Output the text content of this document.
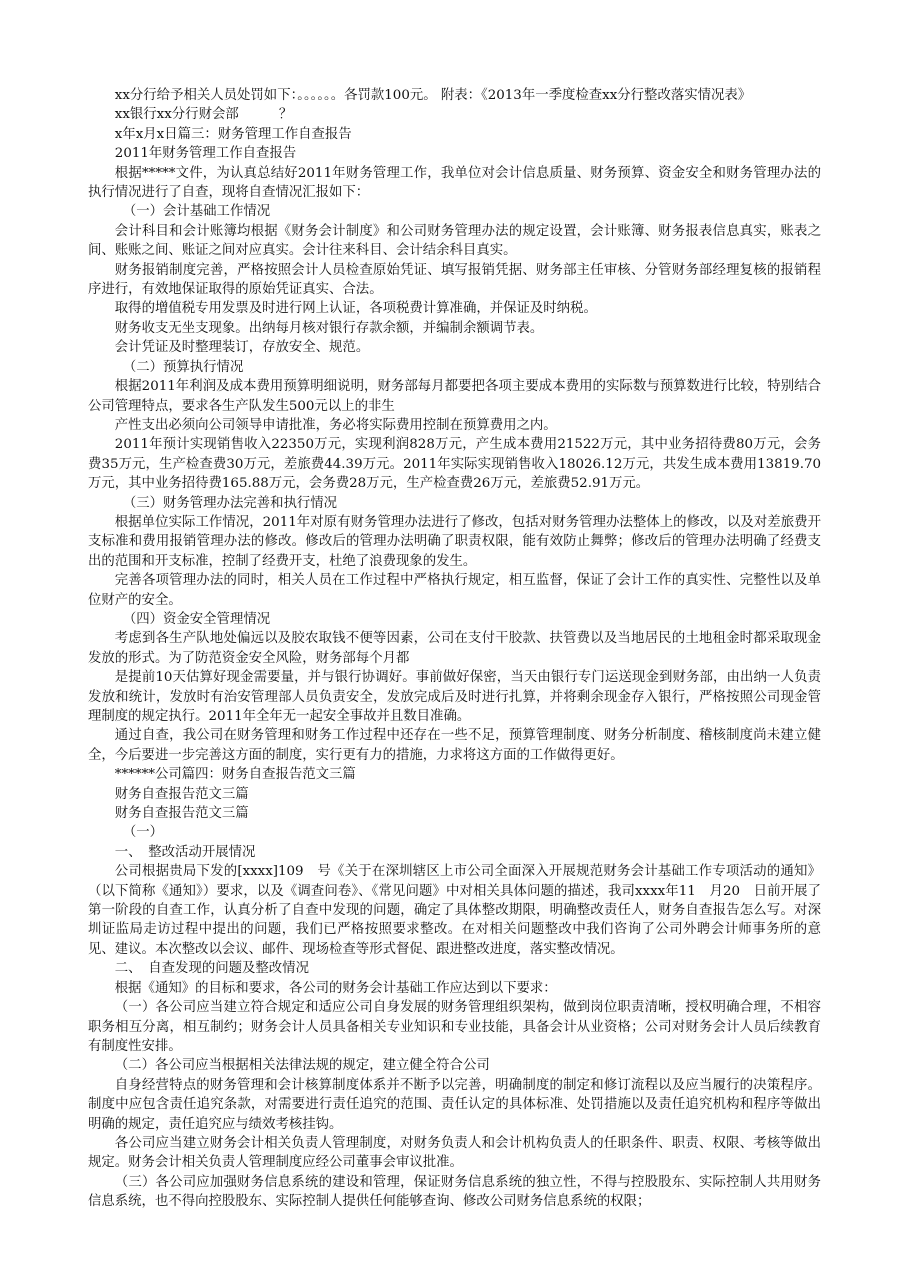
xx分行给予相关人员处罚如下：。。。。。。各罚款100元。 附表：《2013年一季度检查xx分行整改落实情况表》

xx银行xx分行财会部　　　？

x年x月x日篇三：财务管理工作自查报告

2011年财务管理工作自查报告

根据*****文件，为认真总结好2011年财务管理工作，我单位对会计信息质量、财务预算、资金安全和财务管理办法的执行情况进行了自查，现将自查情况汇报如下：

（一）会计基础工作情况

会计科目和会计账簿均根据《财务会计制度》和公司财务管理办法的规定设置，会计账簿、财务报表信息真实，账表之间、账账之间、账证之间对应真实。会计往来科目、会计结余科目真实。

财务报销制度完善，严格按照会计人员检查原始凭证、填写报销凭据、财务部主任审核、分管财务部经理复核的报销程序进行，有效地保证取得的原始凭证真实、合法。

取得的增值税专用发票及时进行网上认证，各项税费计算准确，并保证及时纳税。

财务收支无坐支现象。出纳每月核对银行存款余额，并编制余额调节表。

会计凭证及时整理装订，存放安全、规范。

（二）预算执行情况

根据2011年利润及成本费用预算明细说明，财务部每月都要把各项主要成本费用的实际数与预算数进行比较，特别结合公司管理特点，要求各生产队发生500元以上的非生

产性支出必须向公司领导申请批准，务必将实际费用控制在预算费用之内。

2011年预计实现销售收入22350万元，实现利润828万元，产生成本费用21522万元，其中业务招待费80万元，会务费35万元，生产检查费30万元，差旅费44.39万元。2011年实际实现销售收入18026.12万元，共发生成本费用13819.70万元，其中业务招待费165.88万元，会务费28万元，生产检查费26万元，差旅费52.91万元。

（三）财务管理办法完善和执行情况

根据单位实际工作情况，2011年对原有财务管理办法进行了修改，包括对财务管理办法整体上的修改，以及对差旅费开支标准和费用报销管理办法的修改。修改后的管理办法明确了职责权限，能有效防止舞弊；修改后的管理办法明确了经费支出的范围和开支标准，控制了经费开支，杜绝了浪费现象的发生。

完善各项管理办法的同时，相关人员在工作过程中严格执行规定，相互监督，保证了会计工作的真实性、完整性以及单位财产的安全。

（四）资金安全管理情况

考虑到各生产队地处偏远以及胶农取钱不便等因素，公司在支付干胶款、扶管费以及当地居民的土地租金时都采取现金发放的形式。为了防范资金安全风险，财务部每个月都

是提前10天估算好现金需要量，并与银行协调好。事前做好保密，当天由银行专门运送现金到财务部，由出纳一人负责发放和统计，发放时有治安管理部人员负责安全，发放完成后及时进行扎算，并将剩余现金存入银行，严格按照公司现金管理制度的规定执行。2011年全年无一起安全事故并且数目准确。

通过自查，我公司在财务管理和财务工作过程中还存在一些不足，预算管理制度、财务分析制度、稽核制度尚未建立健全，今后要进一步完善这方面的制度，实行更有力的措施，力求将这方面的工作做得更好。

******公司篇四：财务自查报告范文三篇

财务自查报告范文三篇

财务自查报告范文三篇

（一）

一、　整改活动开展情况

公司根据贵局下发的[xxxx]109　号《关于在深圳辖区上市公司全面深入开展规范财务会计基础工作专项活动的通知》（以下简称《通知》）要求，以及《调查问卷》、《常见问题》中对相关具体问题的描述，我司xxxx年11　月20　日前开展了第一阶段的自查工作，认真分析了自查中发现的问题，确定了具体整改期限，明确整改责任人，财务自查报告怎么写。对深圳证监局走访过程中提出的问题，我们已严格按照要求整改。在对相关问题整改中我们咨询了公司外聘会计师事务所的意见、建议。本次整改以会议、邮件、现场检查等形式督促、跟进整改进度，落实整改情况。

二、　自查发现的问题及整改情况

根据《通知》的目标和要求，各公司的财务会计基础工作应达到以下要求：

（一）各公司应当建立符合规定和适应公司自身发展的财务管理组织架构，做到岗位职责清晰，授权明确合理，不相容职务相互分离，相互制约；财务会计人员具备相关专业知识和专业技能，具备会计从业资格；公司对财务会计人员后续教育有制度性安排。

（二）各公司应当根据相关法律法规的规定，建立健全符合公司

自身经营特点的财务管理和会计核算制度体系并不断予以完善，明确制度的制定和修订流程以及应当履行的决策程序。制度中应包含责任追究条款，对需要进行责任追究的范围、责任认定的具体标准、处罚措施以及责任追究机构和程序等做出明确的规定，责任追究应与绩效考核挂钩。

各公司应当建立财务会计相关负责人管理制度，对财务负责人和会计机构负责人的任职条件、职责、权限、考核等做出规定。财务会计相关负责人管理制度应经公司董事会审议批准。

（三）各公司应加强财务信息系统的建设和管理，保证财务信息系统的独立性，不得与控股股东、实际控制人共用财务信息系统，也不得向控股股东、实际控制人提供任何能够查询、修改公司财务信息系统的权限；
